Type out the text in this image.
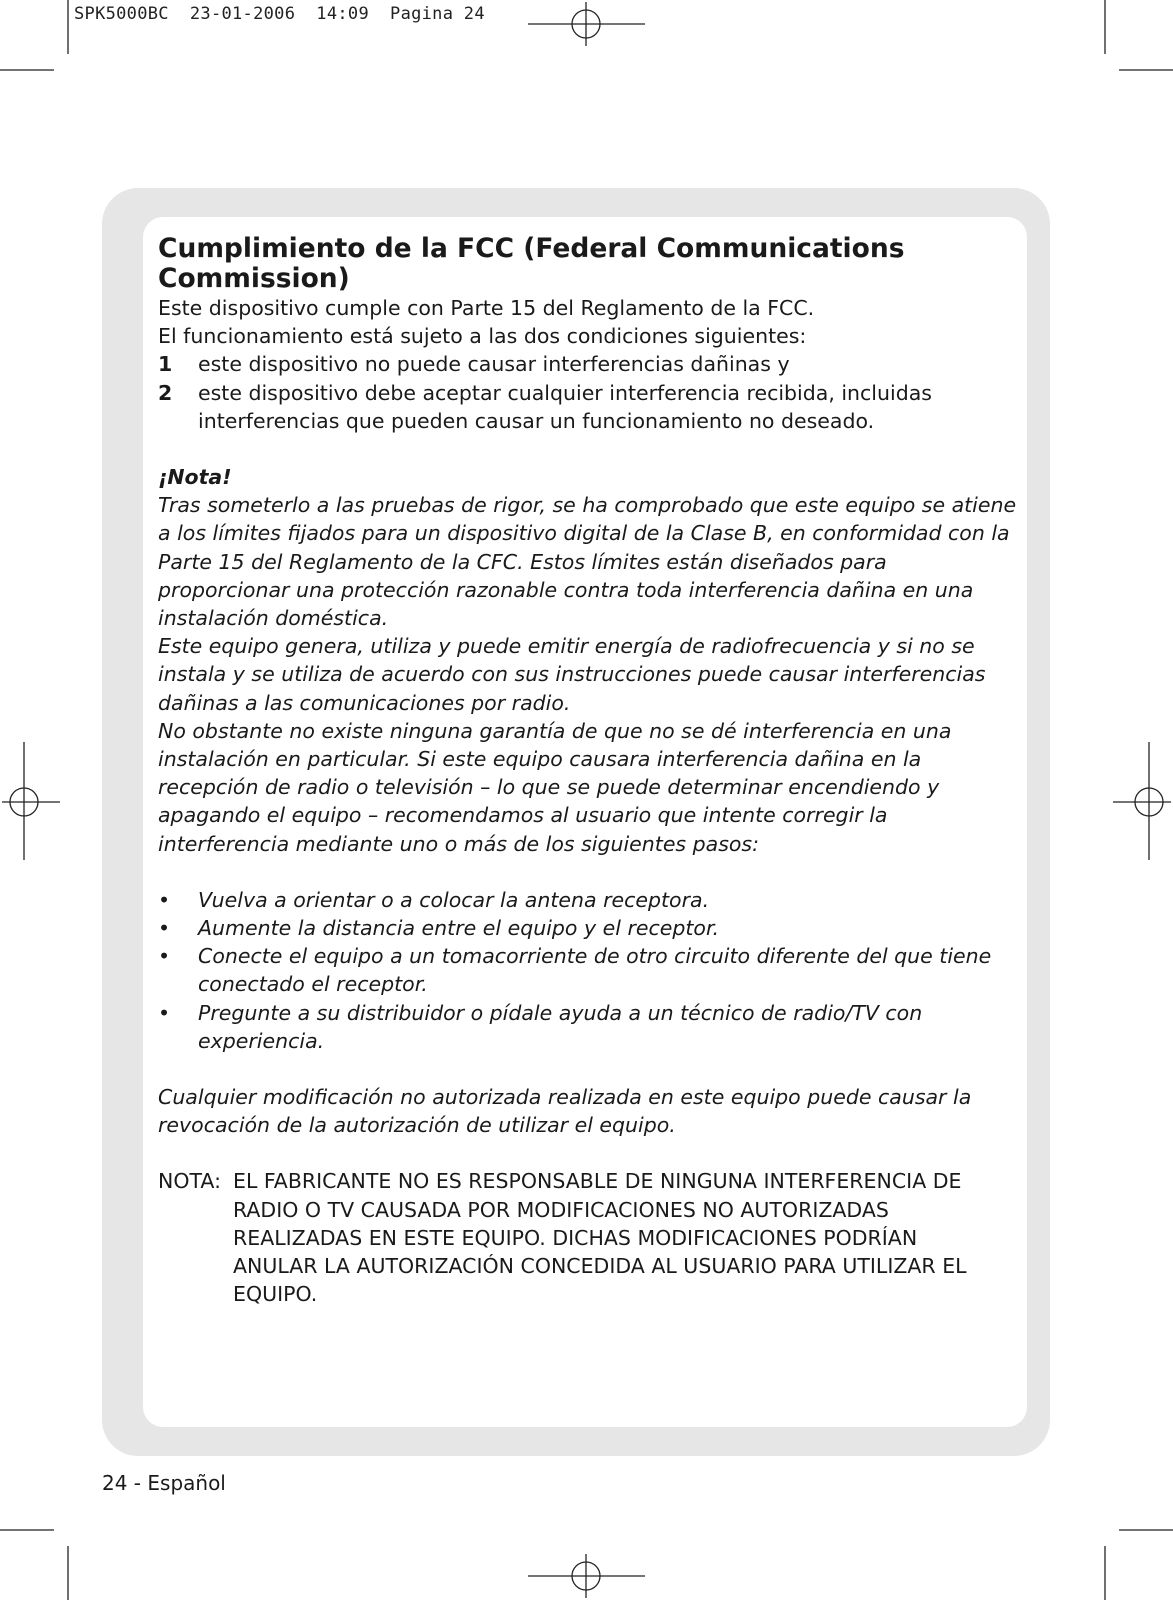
SPK5000BC  23-01-2006  14:09  Pagina 24
Cumplimiento de la FCC (Federal Communications Commission)

Este dispositivo cumple con Parte 15 del Reglamento de la FCC.

El funcionamiento está sujeto a las dos condiciones siguientes:

1	este dispositivo no puede causar interferencias dañinas y
2	este dispositivo debe aceptar cualquier interferencia recibida, incluidas interferencias que pueden causar un funcionamiento no deseado.

¡Nota!

Tras someterlo a las pruebas de rigor, se ha comprobado que este equipo se atiene a los límites fijados para un dispositivo digital de la Clase B, en conformidad con la Parte 15 del Reglamento de la CFC. Estos límites están diseñados para proporcionar una protección razonable contra toda interferencia dañina en una instalación doméstica.

Este equipo genera, utiliza y puede emitir energía de radiofrecuencia y si no se instala y se utiliza de acuerdo con sus instrucciones puede causar interferencias dañinas a las comunicaciones por radio.

No obstante no existe ninguna garantía de que no se dé interferencia en una instalación en particular. Si este equipo causara interferencia dañina en la recepción de radio o televisión – lo que se puede determinar encendiendo y apagando el equipo – recomendamos al usuario que intente corregir la interferencia mediante uno o más de los siguientes pasos:

•	Vuelva a orientar o a colocar la antena receptora.
•	Aumente la distancia entre el equipo y el receptor.
•	Conecte el equipo a un tomacorriente de otro circuito diferente del que tiene conectado el receptor.
•	Pregunte a su distribuidor o pídale ayuda a un técnico de radio/TV con experiencia.

Cualquier modificación no autorizada realizada en este equipo puede causar la revocación de la autorización de utilizar el equipo.

NOTA: EL FABRICANTE NO ES RESPONSABLE DE NINGUNA INTERFERENCIA DE RADIO O TV CAUSADA POR MODIFICACIONES NO AUTORIZADAS REALIZADAS EN ESTE EQUIPO. DICHAS MODIFICACIONES PODRÍAN ANULAR LA AUTORIZACIÓN CONCEDIDA AL USUARIO PARA UTILIZAR EL EQUIPO.
24 - Español
